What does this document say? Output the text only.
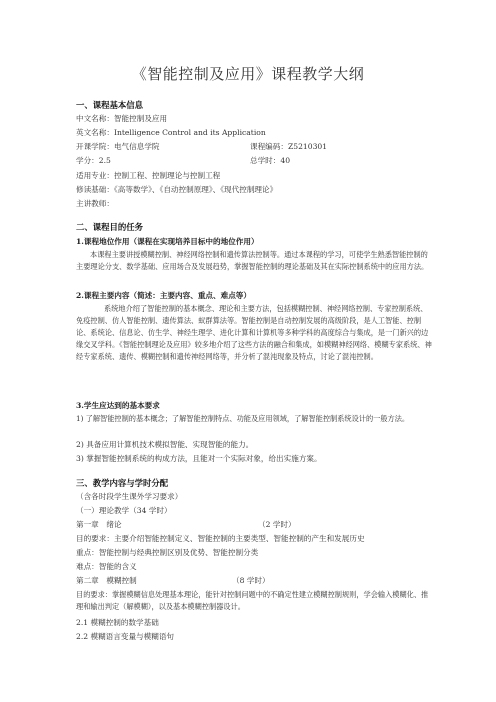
《智能控制及应用》课程教学大纲
一、课程基本信息
中文名称：智能控制及应用
英文名称：Intelligence Control and its Application
开课学院：电气信息学院	课程编码：Z5210301
学分：2.5	总学时：40
适用专业：控制工程、控制理论与控制工程
修读基础：《高等数学》、《自动控制原理》、《现代控制理论》
主讲教师：
二、课程目的任务
1.课程地位作用（课程在实现培养目标中的地位作用）
本课程主要讲授模糊控制、神经网络控制和遗传算法控制等。通过本课程的学习，可使学生熟悉智能控制的主要理论分支、数学基础、应用场合及发展趋势，掌握智能控制的理论基础及其在实际控制系统中的应用方法。
2.课程主要内容（简述：主要内容、重点、难点等）
系统地介绍了智能控制的基本概念、理论和主要方法，包括模糊控制、神经网络控制、专家控制系统、免疫控制、仿人智能控制、遗传算法、蚁群算法等。智能控制是自动控制发展的高级阶段，是人工智能、控制论、系统论、信息论、仿生学、神经生理学、进化计算和计算机等多种学科的高度综合与集成，是一门新兴的边缘交叉学科。《智能控制理论及应用》较多地介绍了这些方法的融合和集成，如模糊神经网络、模糊专家系统、神经专家系统、遗传、模糊控制和遗传神经网络等，并分析了混沌现象及特点，讨论了混沌控制。
3.学生应达到的基本要求
1) 了解智能控制的基本概念；了解智能控制特点、功能及应用领域，了解智能控制系统设计的一般方法。
2) 具备应用计算机技术模拟智能、实现智能的能力。
3) 掌握智能控制系统的构成方法，且能对一个实际对象，给出实施方案。
三、教学内容与学时分配
（含各时段学生课外学习要求）
（一）理论教学（34 学时）
第一章　绪论	（2 学时）
目的要求：主要介绍智能控制定义、智能控制的主要类型、智能控制的产生和发展历史
重点：智能控制与经典控制区别及优势、智能控制分类
难点：智能的含义
第二章　模糊控制	（8 学时）
目的要求：掌握模糊信息处理基本理论，能针对控制问题中的不确定性建立模糊控制规则，学会输入模糊化、推理和输出判定（解模糊），以及基本模糊控制器设计。
2.1 模糊控制的数学基础
2.2 模糊语言变量与模糊语句
